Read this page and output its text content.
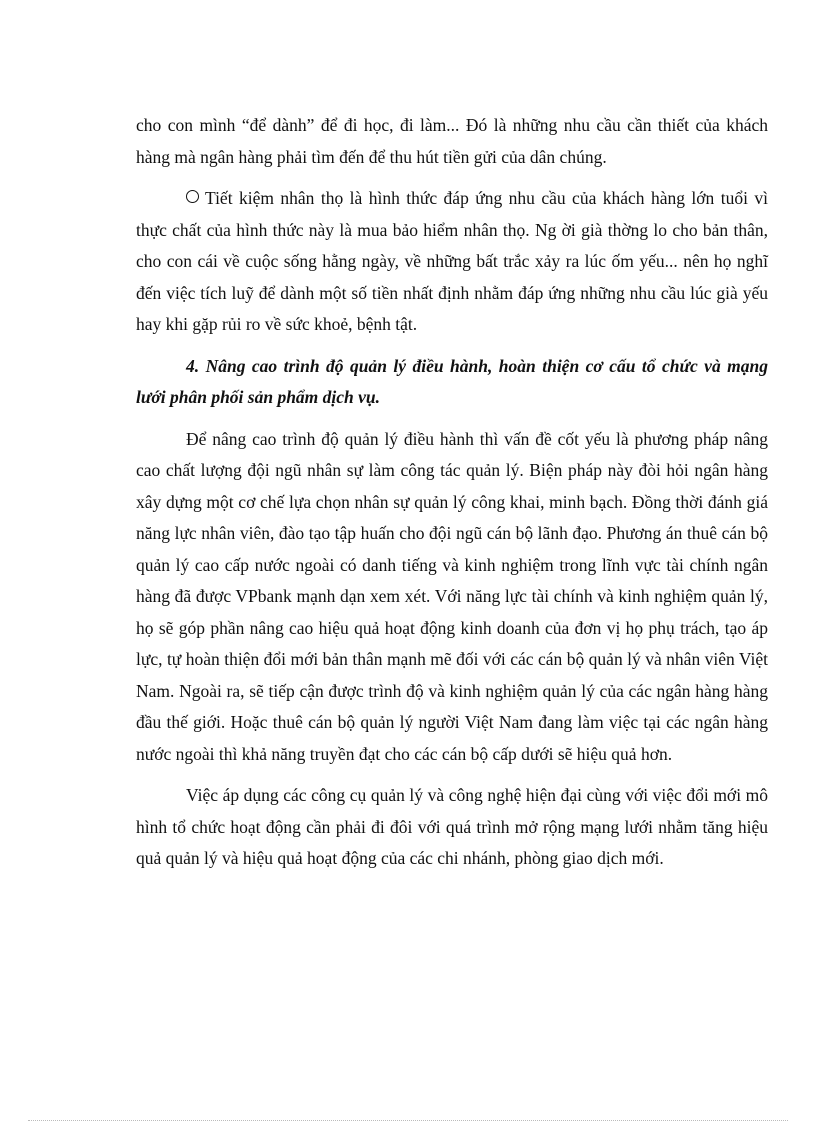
cho con mình “để dành” để đi học, đi làm... Đó là những nhu cầu cần thiết của khách hàng mà ngân hàng phải tìm đến để thu hút tiền gửi của dân chúng.

Tiết kiệm nhân thọ là hình thức đáp ứng nhu cầu của khách hàng lớn tuổi vì thực chất của hình thức này là mua bảo hiểm nhân thọ. Ng ời già thờng lo cho bản thân, cho con cái về cuộc sống hằng ngày, về những bất trắc xảy ra lúc ốm yếu... nên họ nghĩ đến việc tích luỹ để dành một số tiền nhất định nhằm đáp ứng những nhu cầu lúc già yếu hay khi gặp rủi ro về sức khoẻ, bệnh tật.

4. Nâng cao trình độ quản lý điều hành, hoàn thiện cơ cấu tổ chức và mạng lưới phân phối sản phẩm dịch vụ.

Để nâng cao trình độ quản lý điều hành thì vấn đề cốt yếu là phương pháp nâng cao chất lượng đội ngũ nhân sự làm công tác quản lý. Biện pháp này đòi hỏi ngân hàng xây dựng một cơ chế lựa chọn nhân sự quản lý công khai, minh bạch. Đồng thời đánh giá năng lực nhân viên, đào tạo tập huấn cho đội ngũ cán bộ lãnh đạo. Phương án thuê cán bộ quản lý cao cấp nước ngoài có danh tiếng và kinh nghiệm trong lĩnh vực tài chính ngân hàng đã được VPbank mạnh dạn xem xét. Với năng lực tài chính và kinh nghiệm quản lý, họ sẽ góp phần nâng cao hiệu quả hoạt động kinh doanh của đơn vị họ phụ trách, tạo áp lực, tự hoàn thiện đổi mới bản thân mạnh mẽ đối với các cán bộ quản lý và nhân viên Việt Nam. Ngoài ra, sẽ tiếp cận được trình độ và kinh nghiệm quản lý của các ngân hàng hàng đầu thế giới. Hoặc thuê cán bộ quản lý người Việt Nam đang làm việc tại các ngân hàng nước ngoài thì khả năng truyền đạt cho các cán bộ cấp dưới sẽ hiệu quả hơn.

Việc áp dụng các công cụ quản lý và công nghệ hiện đại cùng với việc đổi mới mô hình tổ chức hoạt động cần phải đi đôi với quá trình mở rộng mạng lưới nhằm tăng hiệu quả quản lý và hiệu quả hoạt động của các chi nhánh, phòng giao dịch mới.
